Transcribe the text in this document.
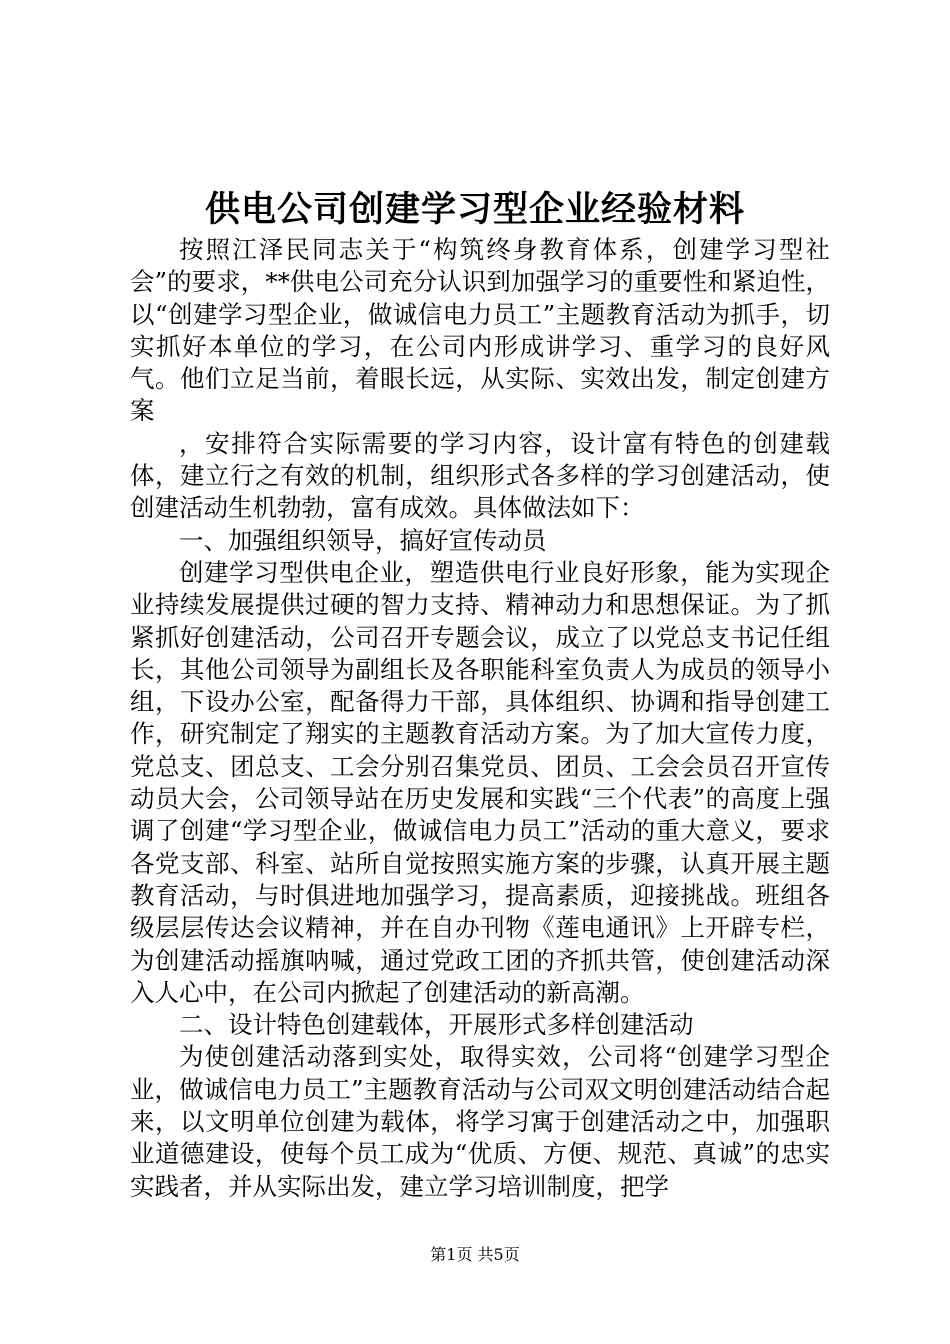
供电公司创建学习型企业经验材料

按照江泽民同志关于“构筑终身教育体系，创建学习型社会”的要求，**供电公司充分认识到加强学习的重要性和紧迫性，以“创建学习型企业，做诚信电力员工”主题教育活动为抓手，切实抓好本单位的学习，在公司内形成讲学习、重学习的良好风气。他们立足当前，着眼长远，从实际、实效出发，制定创建方案

，安排符合实际需要的学习内容，设计富有特色的创建载体，建立行之有效的机制，组织形式各多样的学习创建活动，使创建活动生机勃勃，富有成效。具体做法如下：

一、加强组织领导，搞好宣传动员

创建学习型供电企业，塑造供电行业良好形象，能为实现企业持续发展提供过硬的智力支持、精神动力和思想保证。为了抓紧抓好创建活动，公司召开专题会议，成立了以党总支书记任组长，其他公司领导为副组长及各职能科室负责人为成员的领导小组，下设办公室，配备得力干部，具体组织、协调和指导创建工作，研究制定了翔实的主题教育活动方案。为了加大宣传力度，党总支、团总支、工会分别召集党员、团员、工会会员召开宣传动员大会，公司领导站在历史发展和实践“三个代表”的高度上强调了创建“学习型企业，做诚信电力员工”活动的重大意义，要求各党支部、科室、站所自觉按照实施方案的步骤，认真开展主题教育活动，与时俱进地加强学习，提高素质，迎接挑战。班组各级层层传达会议精神，并在自办刊物《莲电通讯》上开辟专栏，为创建活动摇旗呐喊，通过党政工团的齐抓共管，使创建活动深入人心中，在公司内掀起了创建活动的新高潮。

二、设计特色创建载体，开展形式多样创建活动

为使创建活动落到实处，取得实效，公司将“创建学习型企业，做诚信电力员工”主题教育活动与公司双文明创建活动结合起来，以文明单位创建为载体，将学习寓于创建活动之中，加强职业道德建设，使每个员工成为“优质、方便、规范、真诚”的忠实实践者，并从实际出发，建立学习培训制度，把学

第1页 共5页
